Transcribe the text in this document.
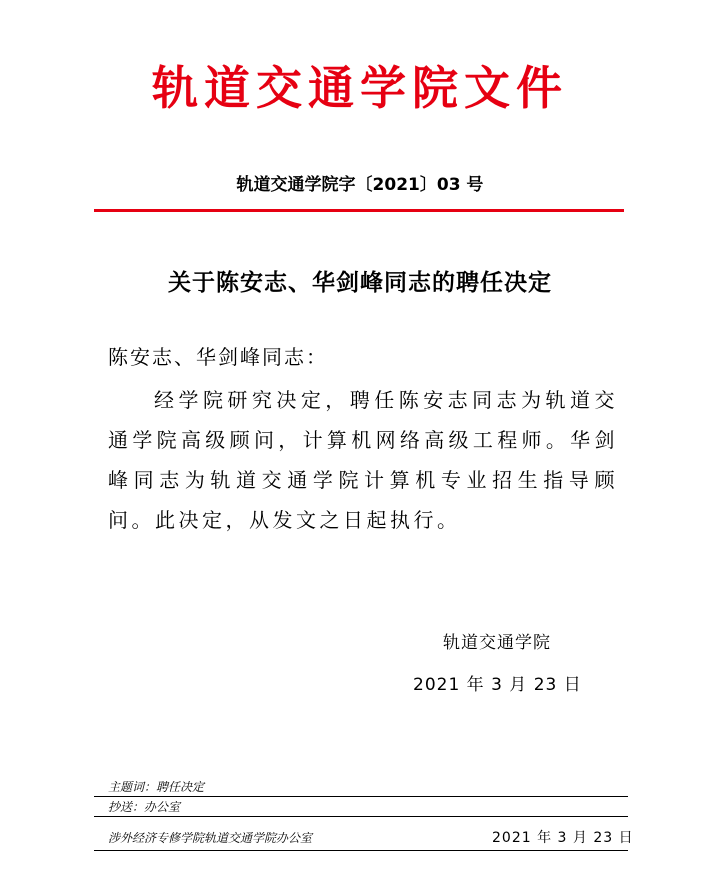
轨道交通学院文件
轨道交通学院字〔2021〕03 号
关于陈安志、华剑峰同志的聘任决定
陈安志、华剑峰同志：
经学院研究决定，聘任陈安志同志为轨道交通学院高级顾问，计算机网络高级工程师。华剑峰同志为轨道交通学院计算机专业招生指导顾问。此决定，从发文之日起执行。
轨道交通学院
2021 年 3 月 23 日
主题词：聘任决定
抄送：办公室
涉外经济专修学院轨道交通学院办公室	2021 年 3 月 23 日
